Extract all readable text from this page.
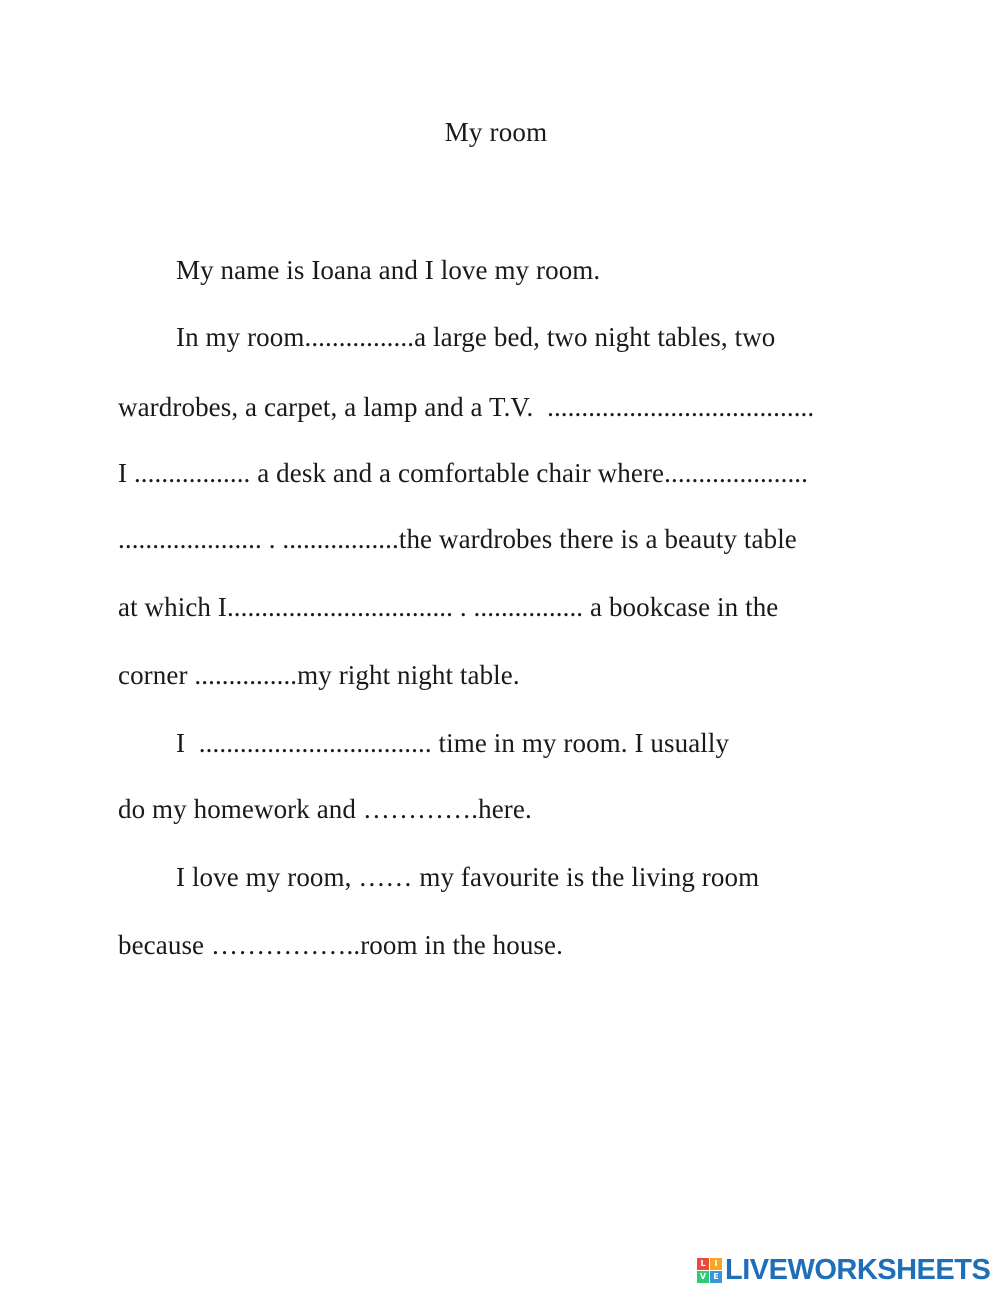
My room
My name is Ioana and I love my room.
In my room................a large bed, two night tables, two
wardrobes, a carpet, a lamp and a T.V.  .......................................
I ................. a desk and a comfortable chair where.....................
..................... . .................the wardrobes there is a beauty table
at which I................................. . ................ a bookcase in the
corner ...............my right night table.
I  .................................. time in my room. I usually
do my homework and ………….here.
I love my room, …… my favourite is the living room
because ……………..room in the house.
L	I
V E LIVEWORKSHEETS
